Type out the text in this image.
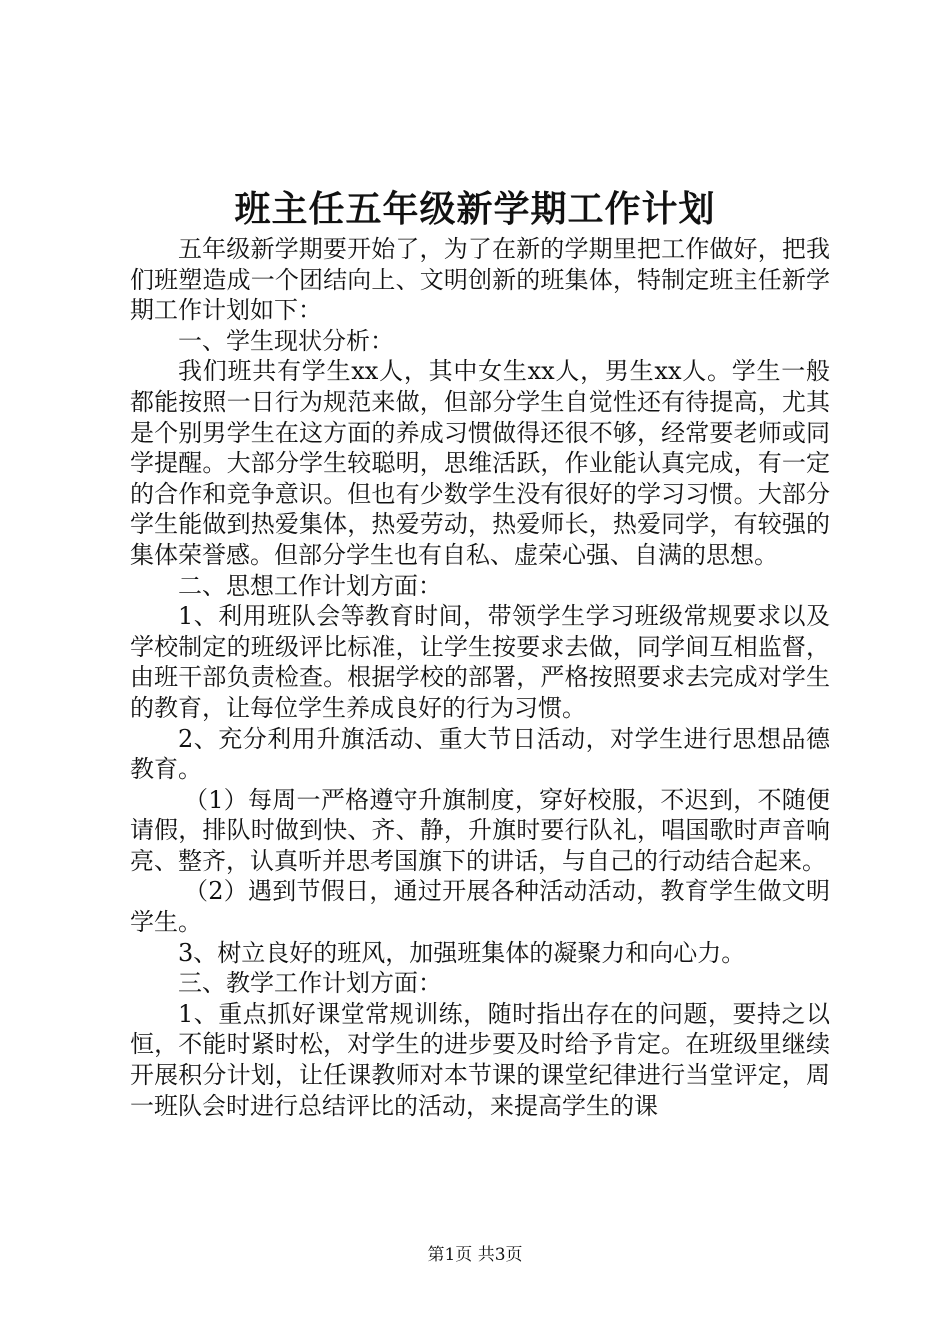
班主任五年级新学期工作计划

五年级新学期要开始了，为了在新的学期里把工作做好，把我们班塑造成一个团结向上、文明创新的班集体，特制定班主任新学期工作计划如下：

一、学生现状分析：

我们班共有学生xx人，其中女生xx人，男生xx人。学生一般都能按照一日行为规范来做，但部分学生自觉性还有待提高，尤其是个别男学生在这方面的养成习惯做得还很不够，经常要老师或同学提醒。大部分学生较聪明，思维活跃，作业能认真完成，有一定的合作和竞争意识。但也有少数学生没有很好的学习习惯。大部分学生能做到热爱集体，热爱劳动，热爱师长，热爱同学，有较强的集体荣誉感。但部分学生也有自私、虚荣心强、自满的思想。

二、思想工作计划方面：

1、利用班队会等教育时间，带领学生学习班级常规要求以及学校制定的班级评比标准，让学生按要求去做，同学间互相监督，由班干部负责检查。根据学校的部署，严格按照要求去完成对学生的教育，让每位学生养成良好的行为习惯。

2、充分利用升旗活动、重大节日活动，对学生进行思想品德教育。

（1）每周一严格遵守升旗制度，穿好校服，不迟到，不随便请假，排队时做到快、齐、静，升旗时要行队礼，唱国歌时声音响亮、整齐，认真听并思考国旗下的讲话，与自己的行动结合起来。

（2）遇到节假日，通过开展各种活动活动，教育学生做文明学生。

3、树立良好的班风，加强班集体的凝聚力和向心力。

三、教学工作计划方面：

1、重点抓好课堂常规训练，随时指出存在的问题，要持之以恒，不能时紧时松，对学生的进步要及时给予肯定。在班级里继续开展积分计划，让任课教师对本节课的课堂纪律进行当堂评定，周一班队会时进行总结评比的活动，来提高学生的课

第1页 共3页
